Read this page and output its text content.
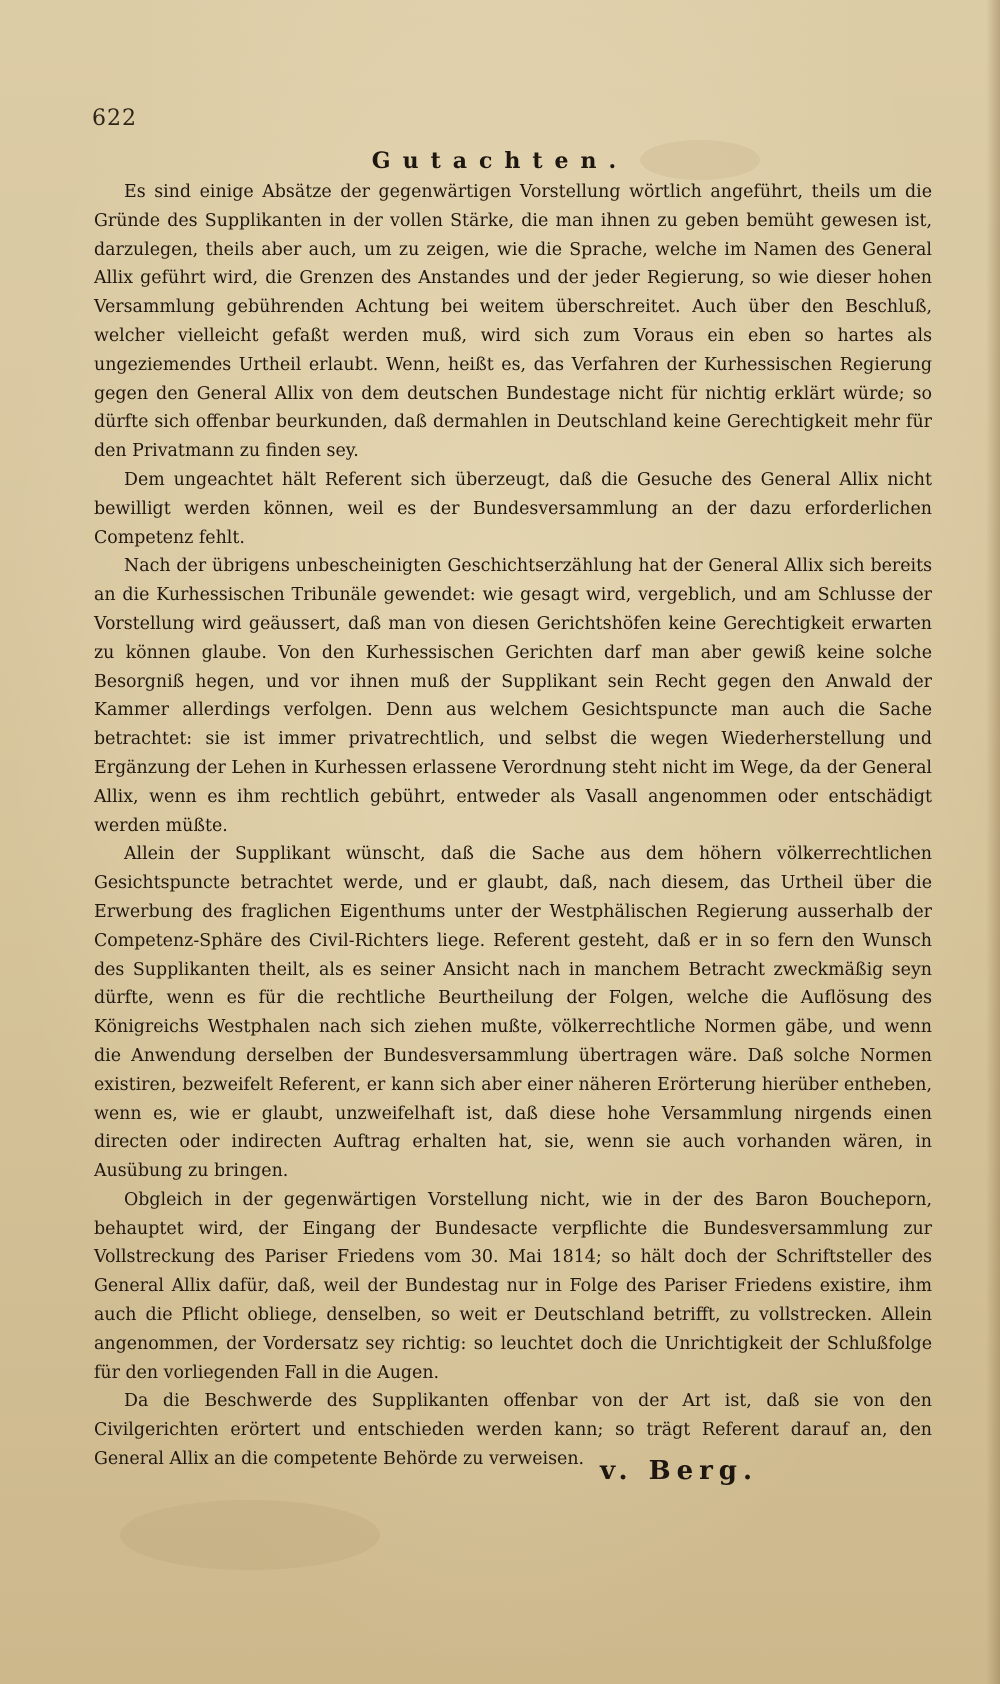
622
Gutachten.

Es sind einige Absätze der gegenwärtigen Vorstellung wörtlich angeführt, theils um die Gründe des Supplikanten in der vollen Stärke, die man ihnen zu geben bemüht gewesen ist, darzulegen, theils aber auch, um zu zeigen, wie die Sprache, welche im Namen des General Allix geführt wird, die Grenzen des Anstandes und der jeder Regierung, so wie dieser hohen Versammlung gebührenden Achtung bei weitem überschreitet. Auch über den Beschluß, welcher vielleicht gefaßt werden muß, wird sich zum Voraus ein eben so hartes als ungeziemendes Urtheil erlaubt. Wenn, heißt es, das Verfahren der Kurhessischen Regierung gegen den General Allix von dem deutschen Bundestage nicht für nichtig erklärt würde; so dürfte sich offenbar beurkunden, daß dermahlen in Deutschland keine Gerechtigkeit mehr für den Privatmann zu finden sey.

Dem ungeachtet hält Referent sich überzeugt, daß die Gesuche des General Allix nicht bewilligt werden können, weil es der Bundesversammlung an der dazu erforderlichen Competenz fehlt.

Nach der übrigens unbescheinigten Geschichtserzählung hat der General Allix sich bereits an die Kurhessischen Tribunäle gewendet: wie gesagt wird, vergeblich, und am Schlusse der Vorstellung wird geäussert, daß man von diesen Gerichtshöfen keine Gerechtigkeit erwarten zu können glaube. Von den Kurhessischen Gerichten darf man aber gewiß keine solche Besorgniß hegen, und vor ihnen muß der Supplikant sein Recht gegen den Anwald der Kammer allerdings verfolgen. Denn aus welchem Gesichtspuncte man auch die Sache betrachtet: sie ist immer privatrechtlich, und selbst die wegen Wiederherstellung und Ergänzung der Lehen in Kurhessen erlassene Verordnung steht nicht im Wege, da der General Allix, wenn es ihm rechtlich gebührt, entweder als Vasall angenommen oder entschädigt werden müßte.

Allein der Supplikant wünscht, daß die Sache aus dem höhern völkerrechtlichen Gesichtspuncte betrachtet werde, und er glaubt, daß, nach diesem, das Urtheil über die Erwerbung des fraglichen Eigenthums unter der Westphälischen Regierung ausserhalb der Competenz-Sphäre des Civil-Richters liege. Referent gesteht, daß er in so fern den Wunsch des Supplikanten theilt, als es seiner Ansicht nach in manchem Betracht zweckmäßig seyn dürfte, wenn es für die rechtliche Beurtheilung der Folgen, welche die Auflösung des Königreichs Westphalen nach sich ziehen mußte, völkerrechtliche Normen gäbe, und wenn die Anwendung derselben der Bundesversammlung übertragen wäre. Daß solche Normen existiren, bezweifelt Referent, er kann sich aber einer näheren Erörterung hierüber entheben, wenn es, wie er glaubt, unzweifelhaft ist, daß diese hohe Versammlung nirgends einen directen oder indirecten Auftrag erhalten hat, sie, wenn sie auch vorhanden wären, in Ausübung zu bringen.

Obgleich in der gegenwärtigen Vorstellung nicht, wie in der des Baron Boucheporn, behauptet wird, der Eingang der Bundesacte verpflichte die Bundesversammlung zur Vollstreckung des Pariser Friedens vom 30. Mai 1814; so hält doch der Schriftsteller des General Allix dafür, daß, weil der Bundestag nur in Folge des Pariser Friedens existire, ihm auch die Pflicht obliege, denselben, so weit er Deutschland betrifft, zu vollstrecken. Allein angenommen, der Vordersatz sey richtig: so leuchtet doch die Unrichtigkeit der Schlußfolge für den vorliegenden Fall in die Augen.

Da die Beschwerde des Supplikanten offenbar von der Art ist, daß sie von den Civilgerichten erörtert und entschieden werden kann; so trägt Referent darauf an, den General Allix an die competente Behörde zu verweisen. v. Berg.
